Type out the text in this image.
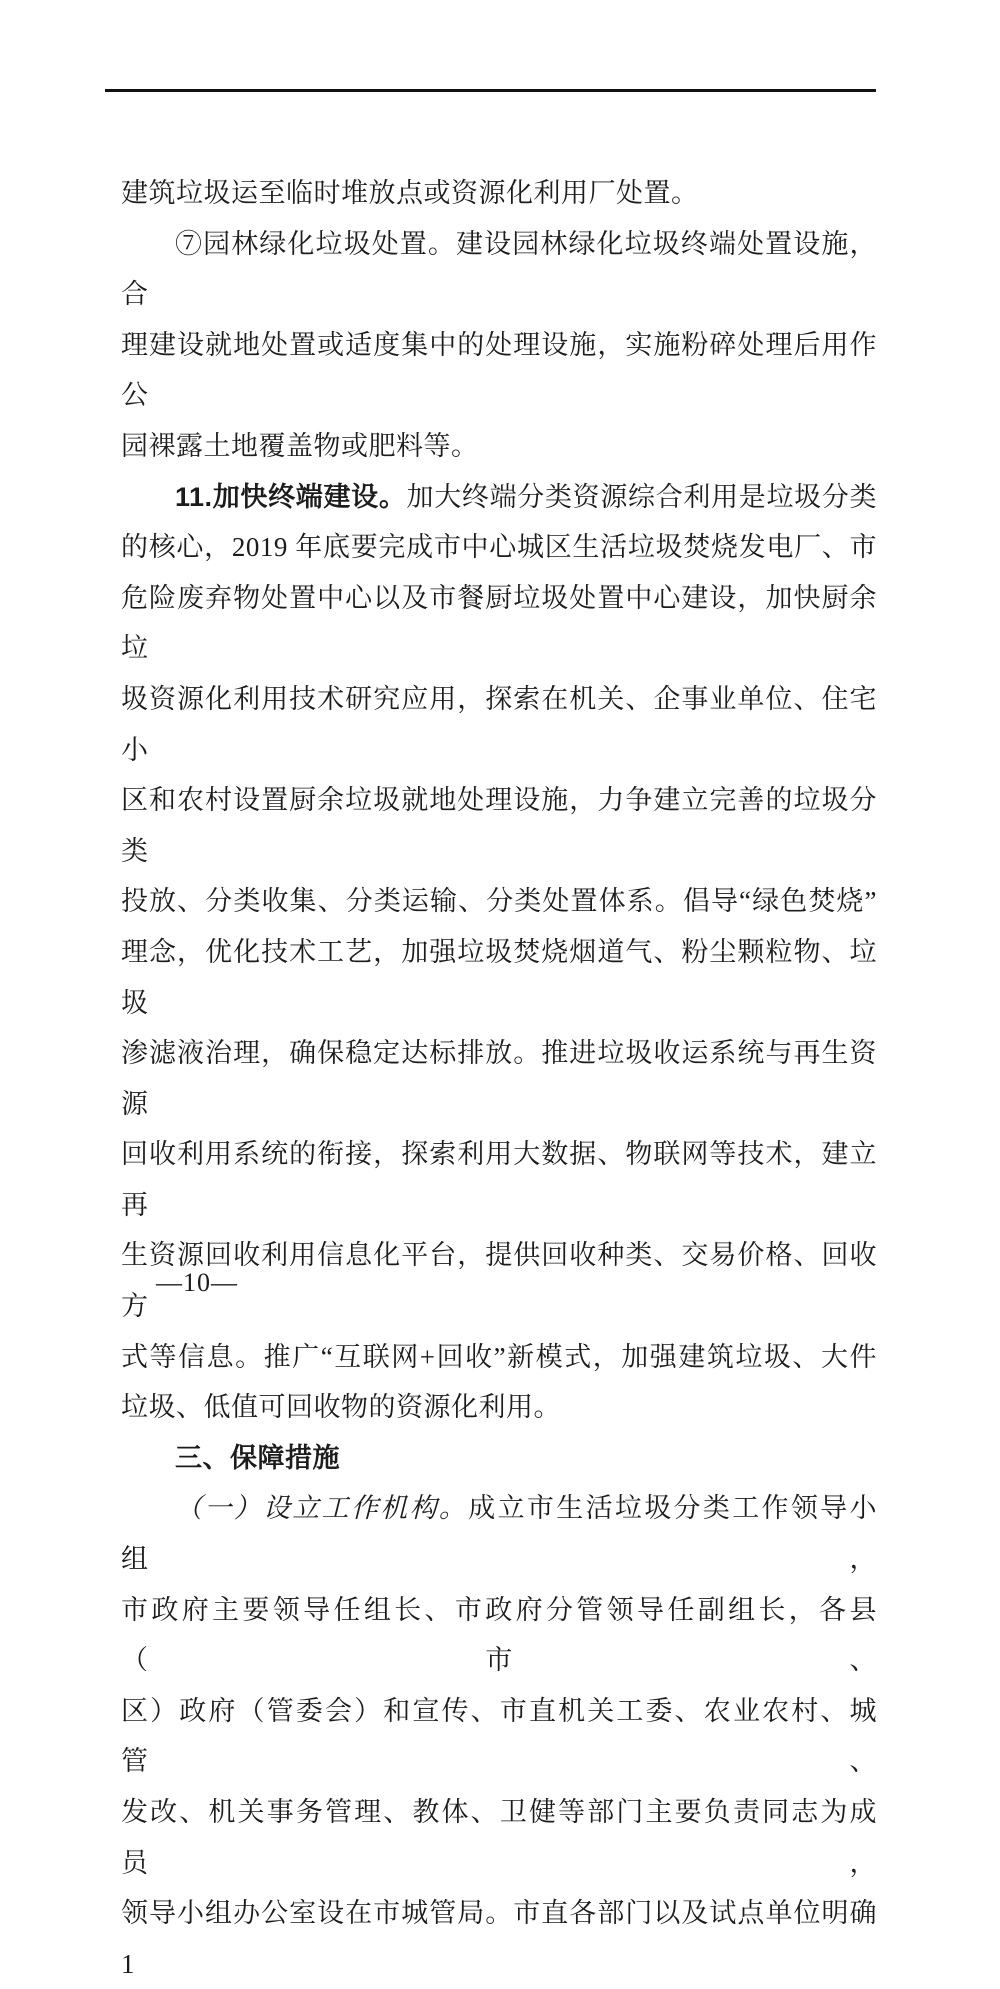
建筑垃圾运至临时堆放点或资源化利用厂处置。
⑦园林绿化垃圾处置。建设园林绿化垃圾终端处置设施，合
理建设就地处置或适度集中的处理设施，实施粉碎处理后用作公
园裸露土地覆盖物或肥料等。
11.加快终端建设。加大终端分类资源综合利用是垃圾分类
的核心，2019 年底要完成市中心城区生活垃圾焚烧发电厂、市
危险废弃物处置中心以及市餐厨垃圾处置中心建设，加快厨余垃
圾资源化利用技术研究应用，探索在机关、企事业单位、住宅小
区和农村设置厨余垃圾就地处理设施，力争建立完善的垃圾分类
投放、分类收集、分类运输、分类处置体系。倡导“绿色焚烧”
理念，优化技术工艺，加强垃圾焚烧烟道气、粉尘颗粒物、垃圾
渗滤液治理，确保稳定达标排放。推进垃圾收运系统与再生资源
回收利用系统的衔接，探索利用大数据、物联网等技术，建立再
生资源回收利用信息化平台，提供回收种类、交易价格、回收方
式等信息。推广“互联网+回收”新模式，加强建筑垃圾、大件
垃圾、低值可回收物的资源化利用。
三、保障措施
（一）设立工作机构。成立市生活垃圾分类工作领导小组，
市政府主要领导任组长、市政府分管领导任副组长，各县（市、
区）政府（管委会）和宣传、市直机关工委、农业农村、城管、
发改、机关事务管理、教体、卫健等部门主要负责同志为成员，
领导小组办公室设在市城管局。市直各部门以及试点单位明确 1
—10—
